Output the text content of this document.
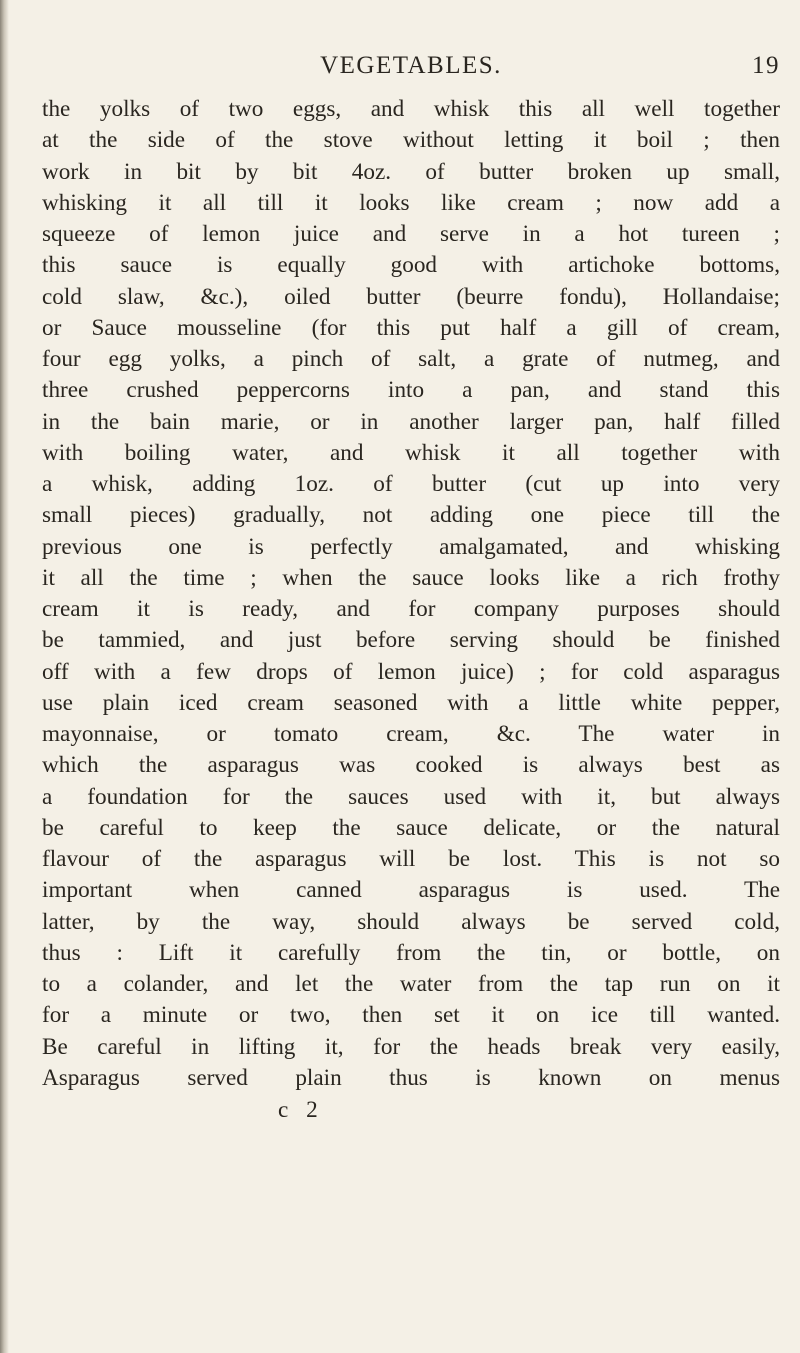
VEGETABLES.	19
the yolks of two eggs, and whisk this all well together
at the side of the stove without letting it boil ; then
work in bit by bit 4oz. of butter broken up small,
whisking it all till it looks like cream ; now add a
squeeze of lemon juice and serve in a hot tureen ;
this sauce is equally good with artichoke bottoms,
cold slaw, &c.), oiled butter (beurre fondu), Hollandaise;
or Sauce mousseline (for this put half a gill of cream,
four egg yolks, a pinch of salt, a grate of nutmeg, and
three crushed peppercorns into a pan, and stand this
in the bain marie, or in another larger pan, half filled
with boiling water, and whisk it all together with
a whisk, adding 1oz. of butter (cut up into very
small pieces) gradually, not adding one piece till the
previous one is perfectly amalgamated, and whisking
it all the time ; when the sauce looks like a rich frothy
cream it is ready, and for company purposes should
be tammied, and just before serving should be finished
off with a few drops of lemon juice) ; for cold asparagus
use plain iced cream seasoned with a little white pepper,
mayonnaise, or tomato cream, &c. The water in
which the asparagus was cooked is always best as
a foundation for the sauces used with it, but always
be careful to keep the sauce delicate, or the natural
flavour of the asparagus will be lost. This is not so
important when canned asparagus is used. The
latter, by the way, should always be served cold,
thus : Lift it carefully from the tin, or bottle, on
to a colander, and let the water from the tap run on it
for a minute or two, then set it on ice till wanted.
Be careful in lifting it, for the heads break very easily,
Asparagus served plain thus is known on menus
c 2
